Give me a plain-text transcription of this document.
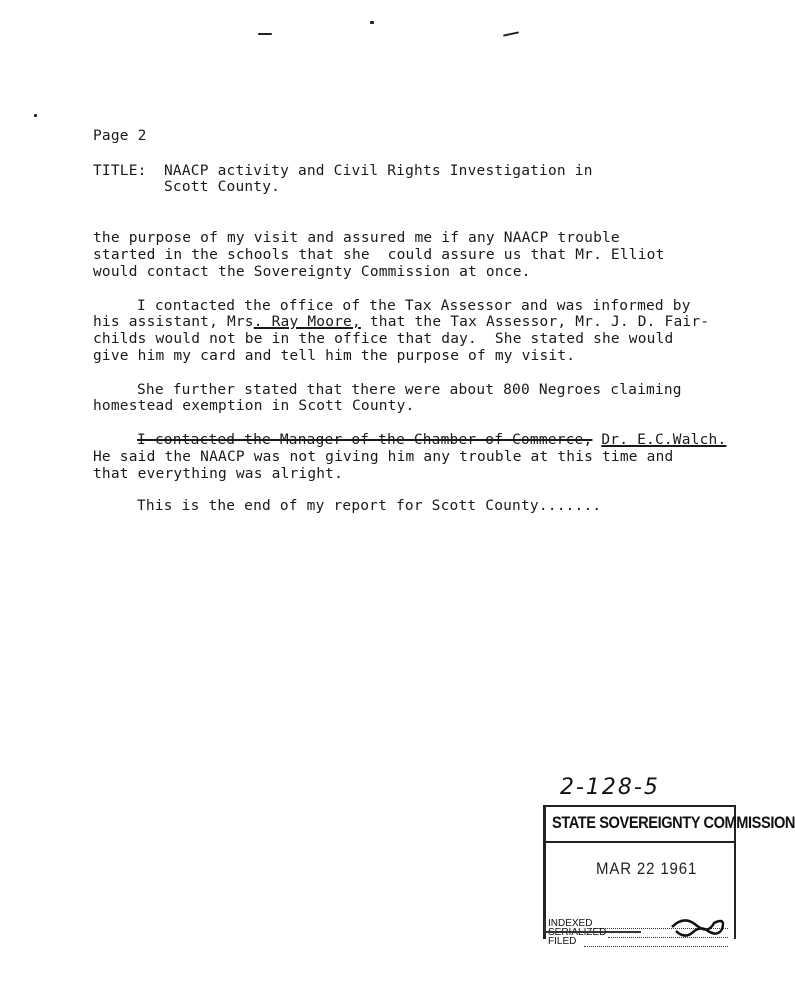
Page 2
TITLE: NAACP activity and Civil Rights Investigation in
Scott County.
the purpose of my visit and assured me if any NAACP trouble
started in the schools that she  could assure us that Mr. Elliot
would contact the Sovereignty Commission at once.
I contacted the office of the Tax Assessor and was informed by
his assistant, Mrs. Ray Moore, that the Tax Assessor, Mr. J. D. Fair-
childs would not be in the office that day.  She stated she would
give him my card and tell him the purpose of my visit.
She further stated that there were about 800 Negroes claiming
homestead exemption in Scott County.
I contacted the Manager of the Chamber of Commerce, Dr. E.C.Walch.
He said the NAACP was not giving him any trouble at this time and
that everything was alright.
This is the end of my report for Scott County.......
2-128-5
STATE SOVEREIGNTY COMMISSION
MAR 22 1961
INDEXED
SERIALIZED
FILED
